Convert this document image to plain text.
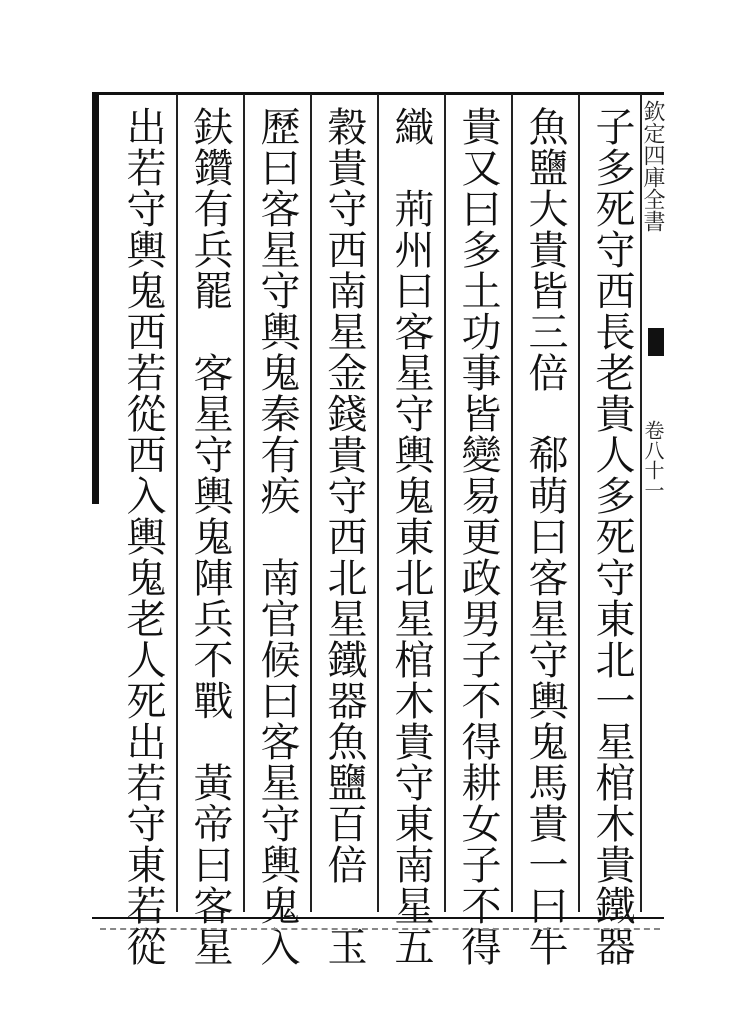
欽定四庫全書
卷八十一
子多死守西長老貴人多死守東北一星棺木貴鐵器
魚鹽大貴皆三倍　郗萌曰客星守輿鬼馬貴一曰牛
貴又曰多土功事皆變易更政男子不得耕女子不得
織　荊州曰客星守輿鬼東北星棺木貴守東南星五
穀貴守西南星金錢貴守西北星鐵器魚鹽百倍　玉
歷曰客星守輿鬼秦有疾　南官候曰客星守輿鬼入
鈇鑽有兵罷　客星守輿鬼陣兵不戰　黃帝曰客星
出若守輿鬼西若從西入輿鬼老人死出若守東若從
